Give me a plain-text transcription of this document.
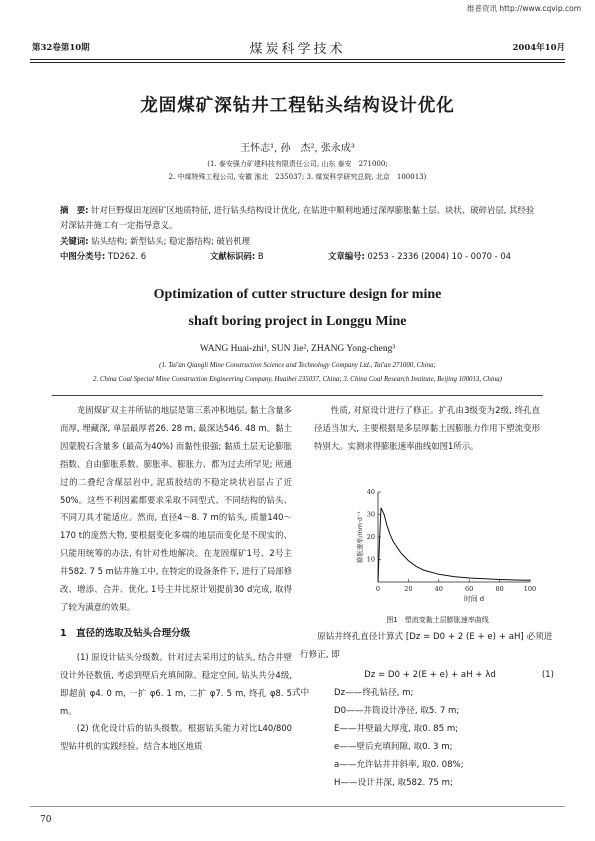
维普资讯 http://www.cqvip.com
第32卷第10期	煤炭科学技术	2004年10月
龙固煤矿深钻井工程钻头结构设计优化
王怀志¹, 孙　杰², 张永成³
(1. 泰安强力矿建科技有限责任公司, 山东 泰安　271000;
2. 中煤特殊工程公司, 安徽 淮北　235037; 3. 煤炭科学研究总院, 北京　100013)
摘　要: 针对巨野煤田龙固矿区地质特征, 进行钻头结构设计优化, 在钻进中顺利地通过深厚膨胀黏土层、块状、破碎岩层, 其经验对深钻井施工有一定指导意义。
关键词: 钻头结构; 新型钻头; 稳定器结构; 破岩机理
中图分类号: TD262. 6	文献标识码: B	文章编号: 0253 - 2336 (2004) 10 - 0070 - 04
Optimization of cutter structure design for mine
shaft boring project in Longgu Mine
WANG Huai-zhi¹, SUN Jie², ZHANG Yong-cheng³
(1. Tai'an Qiangli Mine Construction Science and Technology Company Ltd., Tai'an 271000, China;
2. China Coal Special Mine Construction Engineering Company, Huaibei 235037, China; 3. China Coal Research Institute, Beijing 100013, China)

龙固煤矿双主井所钻的地层是第三系冲积地层, 黏土含量多而厚, 埋藏深, 单层最厚者26. 28 m, 最深达546. 48 m。黏土因蒙脱石含量多 (最高为40%) 而黏性很强; 黏质土层无论膨胀指数、自由膨胀系数、膨胀率、膨胀力、都为过去所罕见; 所通过的二叠纪含煤层岩中, 泥质胶结的不稳定块状岩层占了近50%。这些不利因素都要求采取不同型式、不同结构的钻头、不同刀具才能适应。然而, 直径4～8. 7 m的钻头, 质量140～170 t的庞然大物, 要根据变化多端的地层而变化是不现实的、只能用统筹的办法, 有针对性地解决。在龙固煤矿1号、2号主井582. 7 5 m钻井施工中, 在特定的设备条件下, 进行了局部修改、增添、合并、优化, 1号主井比原计划提前30 d完成, 取得了较为满意的效果。

1　直径的选取及钻头合理分级

(1) 原设计钻头分级数。针对过去采用过的钻头, 结合井壁设计外径数值, 考虑到壁后充填间隙、稳定空间, 钻头共分4级, 即超前 φ4. 0 m, 一扩 φ6. 1 m, 二扩 φ7. 5 m, 终孔 φ8. 5 m。

(2) 优化设计后的钻头级数。根据钻头能力对比L40/800型钻井机的实践经验、结合本地区地质

性质, 对原设计进行了修正。扩孔由3级变为2级, 终孔直径适当加大, 主要根据是多层厚黏土因膨胀力作用下塑流变形特别大。实测求得膨胀速率曲线如图1所示。

0	20	40	60	80	100
10
20
30
40
时间 d
膨胀速率/mm·d⁻¹
图1　塑流变黏土层膨胀速率曲线
原钻井终孔直径计算式 [Dz = D0 + 2 (E + e) + aH] 必须进行修正, 即
Dz = D0 + 2(E + e) + aH + λd	(1)
式中	Dz——终孔钻径, m;
D0——井筒设计净径, 取5. 7 m;
E——井壁最大厚度, 取0. 85 m;
e——壁后充填间隙, 取0. 3 m;
a——允许钻井井斜率, 取0. 08%;
H——设计井深, 取582. 75 m;
70
